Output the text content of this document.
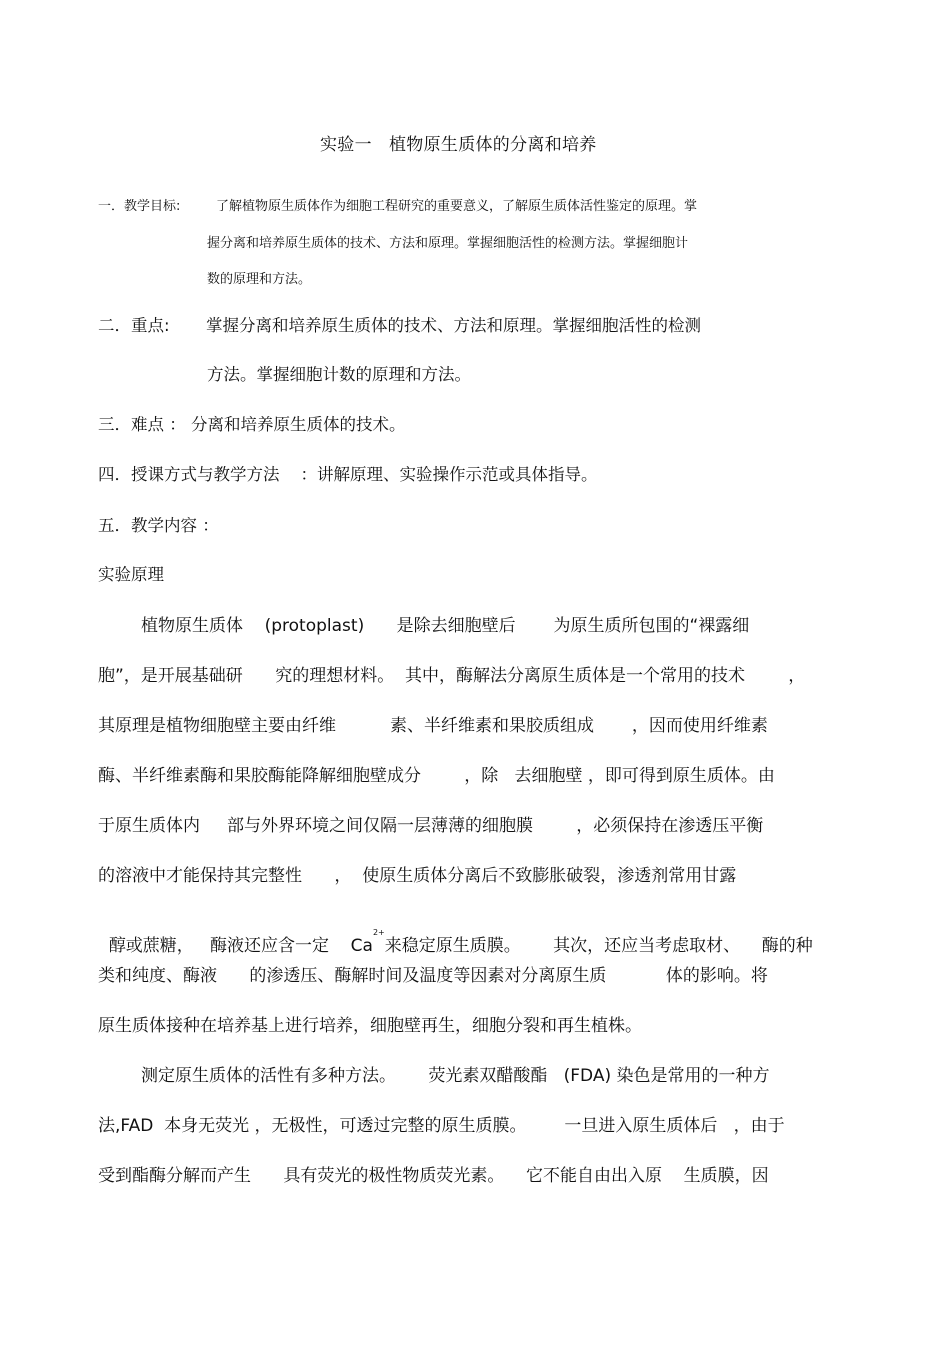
实验一   植物原生质体的分离和培养
一．教学目标:	了解植物原生质体作为细胞工程研究的重要意义，了解原生质体活性鉴定的原理。掌
握分离和培养原生质体的技术、方法和原理。掌握细胞活性的检测方法。掌握细胞计
数的原理和方法。
二．重点: 掌握分离和培养原生质体的技术、方法和原理。掌握细胞活性的检测
方法。掌握细胞计数的原理和方法。
三．难点 ： 分离和培养原生质体的技术。
四．授课方式与教学方法    ：讲解原理、实验操作示范或具体指导。
五．教学内容 ：
实验原理
植物原生质体    (protoplast)      是除去细胞壁后       为原生质所包围的“裸露细
胞”，是开展基础研      究的理想材料。  其中，酶解法分离原生质体是一个常用的技术        ，
其原理是植物细胞壁主要由纤维          素、半纤维素和果胶质组成       ，因而使用纤维素
酶、半纤维素酶和果胶酶能降解细胞壁成分        ，除   去细胞壁 ，即可得到原生质体。由
于原生质体内     部与外界环境之间仅隔一层薄薄的细胞膜        ，必须保持在渗透压平衡
的溶液中才能保持其完整性      ，  使原生质体分离后不致膨胀破裂，渗透剂常用甘露

醇或蔗糖，   酶液还应含一定    $Ca^{2+}$来稳定原生质膜。      其次，还应当考虑取材、    酶的种

类和纯度、酶液      的渗透压、酶解时间及温度等因素对分离原生质           体的影响。将
原生质体接种在培养基上进行培养，细胞壁再生，细胞分裂和再生植株。
测定原生质体的活性有多种方法。      荧光素双醋酸酯   (FDA) 染色是常用的一种方
法,FAD  本身无荧光 ，无极性，可透过完整的原生质膜。       一旦进入原生质体后   ，由于
受到酯酶分解而产生      具有荧光的极性物质荧光素。    它不能自由出入原    生质膜，因
